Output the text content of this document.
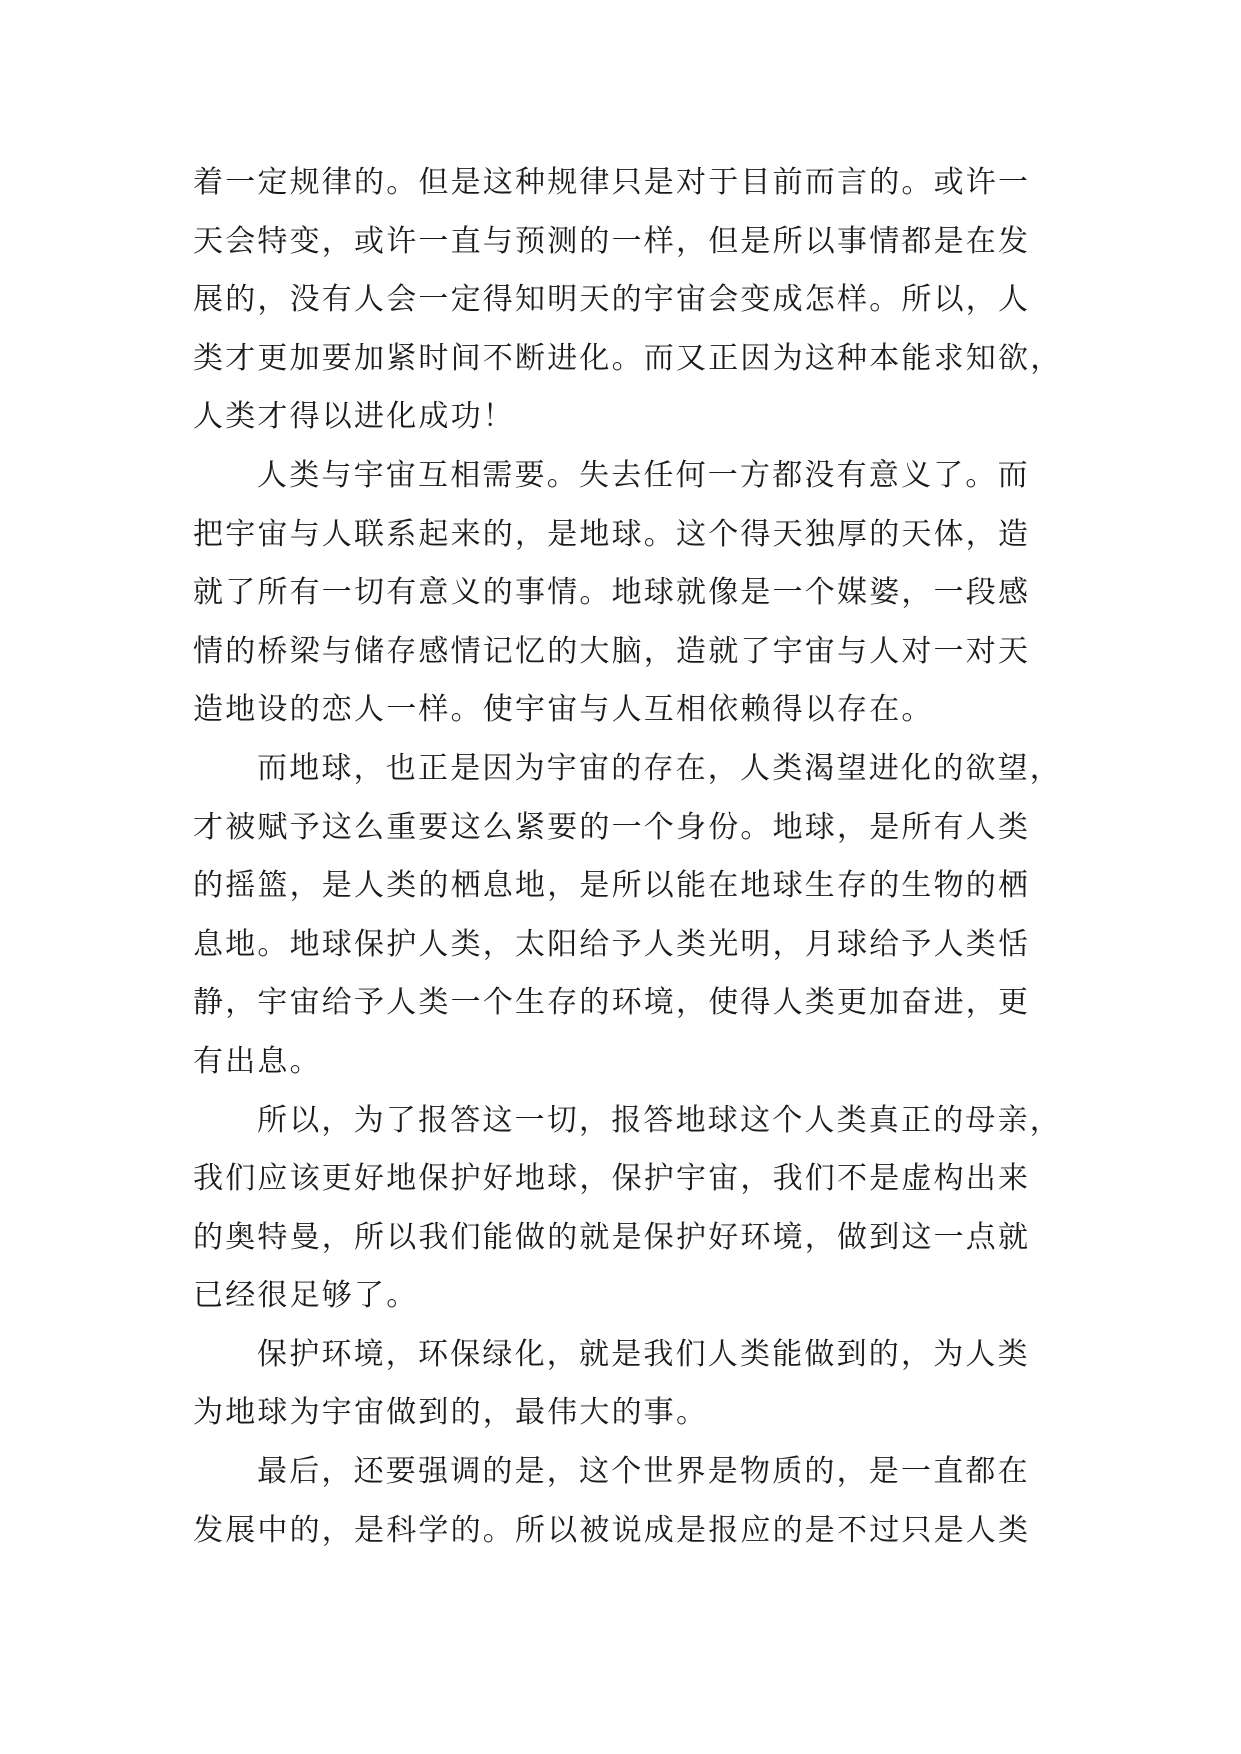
着一定规律的。但是这种规律只是对于目前而言的。或许一
天会特变，或许一直与预测的一样，但是所以事情都是在发
展的，没有人会一定得知明天的宇宙会变成怎样。所以，人
类才更加要加紧时间不断进化。而又正因为这种本能求知欲，
人类才得以进化成功！
人类与宇宙互相需要。失去任何一方都没有意义了。而
把宇宙与人联系起来的，是地球。这个得天独厚的天体，造
就了所有一切有意义的事情。地球就像是一个媒婆，一段感
情的桥梁与储存感情记忆的大脑，造就了宇宙与人对一对天
造地设的恋人一样。使宇宙与人互相依赖得以存在。
而地球，也正是因为宇宙的存在，人类渴望进化的欲望，
才被赋予这么重要这么紧要的一个身份。地球，是所有人类
的摇篮，是人类的栖息地，是所以能在地球生存的生物的栖
息地。地球保护人类，太阳给予人类光明，月球给予人类恬
静，宇宙给予人类一个生存的环境，使得人类更加奋进，更
有出息。
所以，为了报答这一切，报答地球这个人类真正的母亲，
我们应该更好地保护好地球，保护宇宙，我们不是虚构出来
的奥特曼，所以我们能做的就是保护好环境，做到这一点就
已经很足够了。
保护环境，环保绿化，就是我们人类能做到的，为人类
为地球为宇宙做到的，最伟大的事。
最后，还要强调的是，这个世界是物质的，是一直都在
发展中的，是科学的。所以被说成是报应的是不过只是人类
